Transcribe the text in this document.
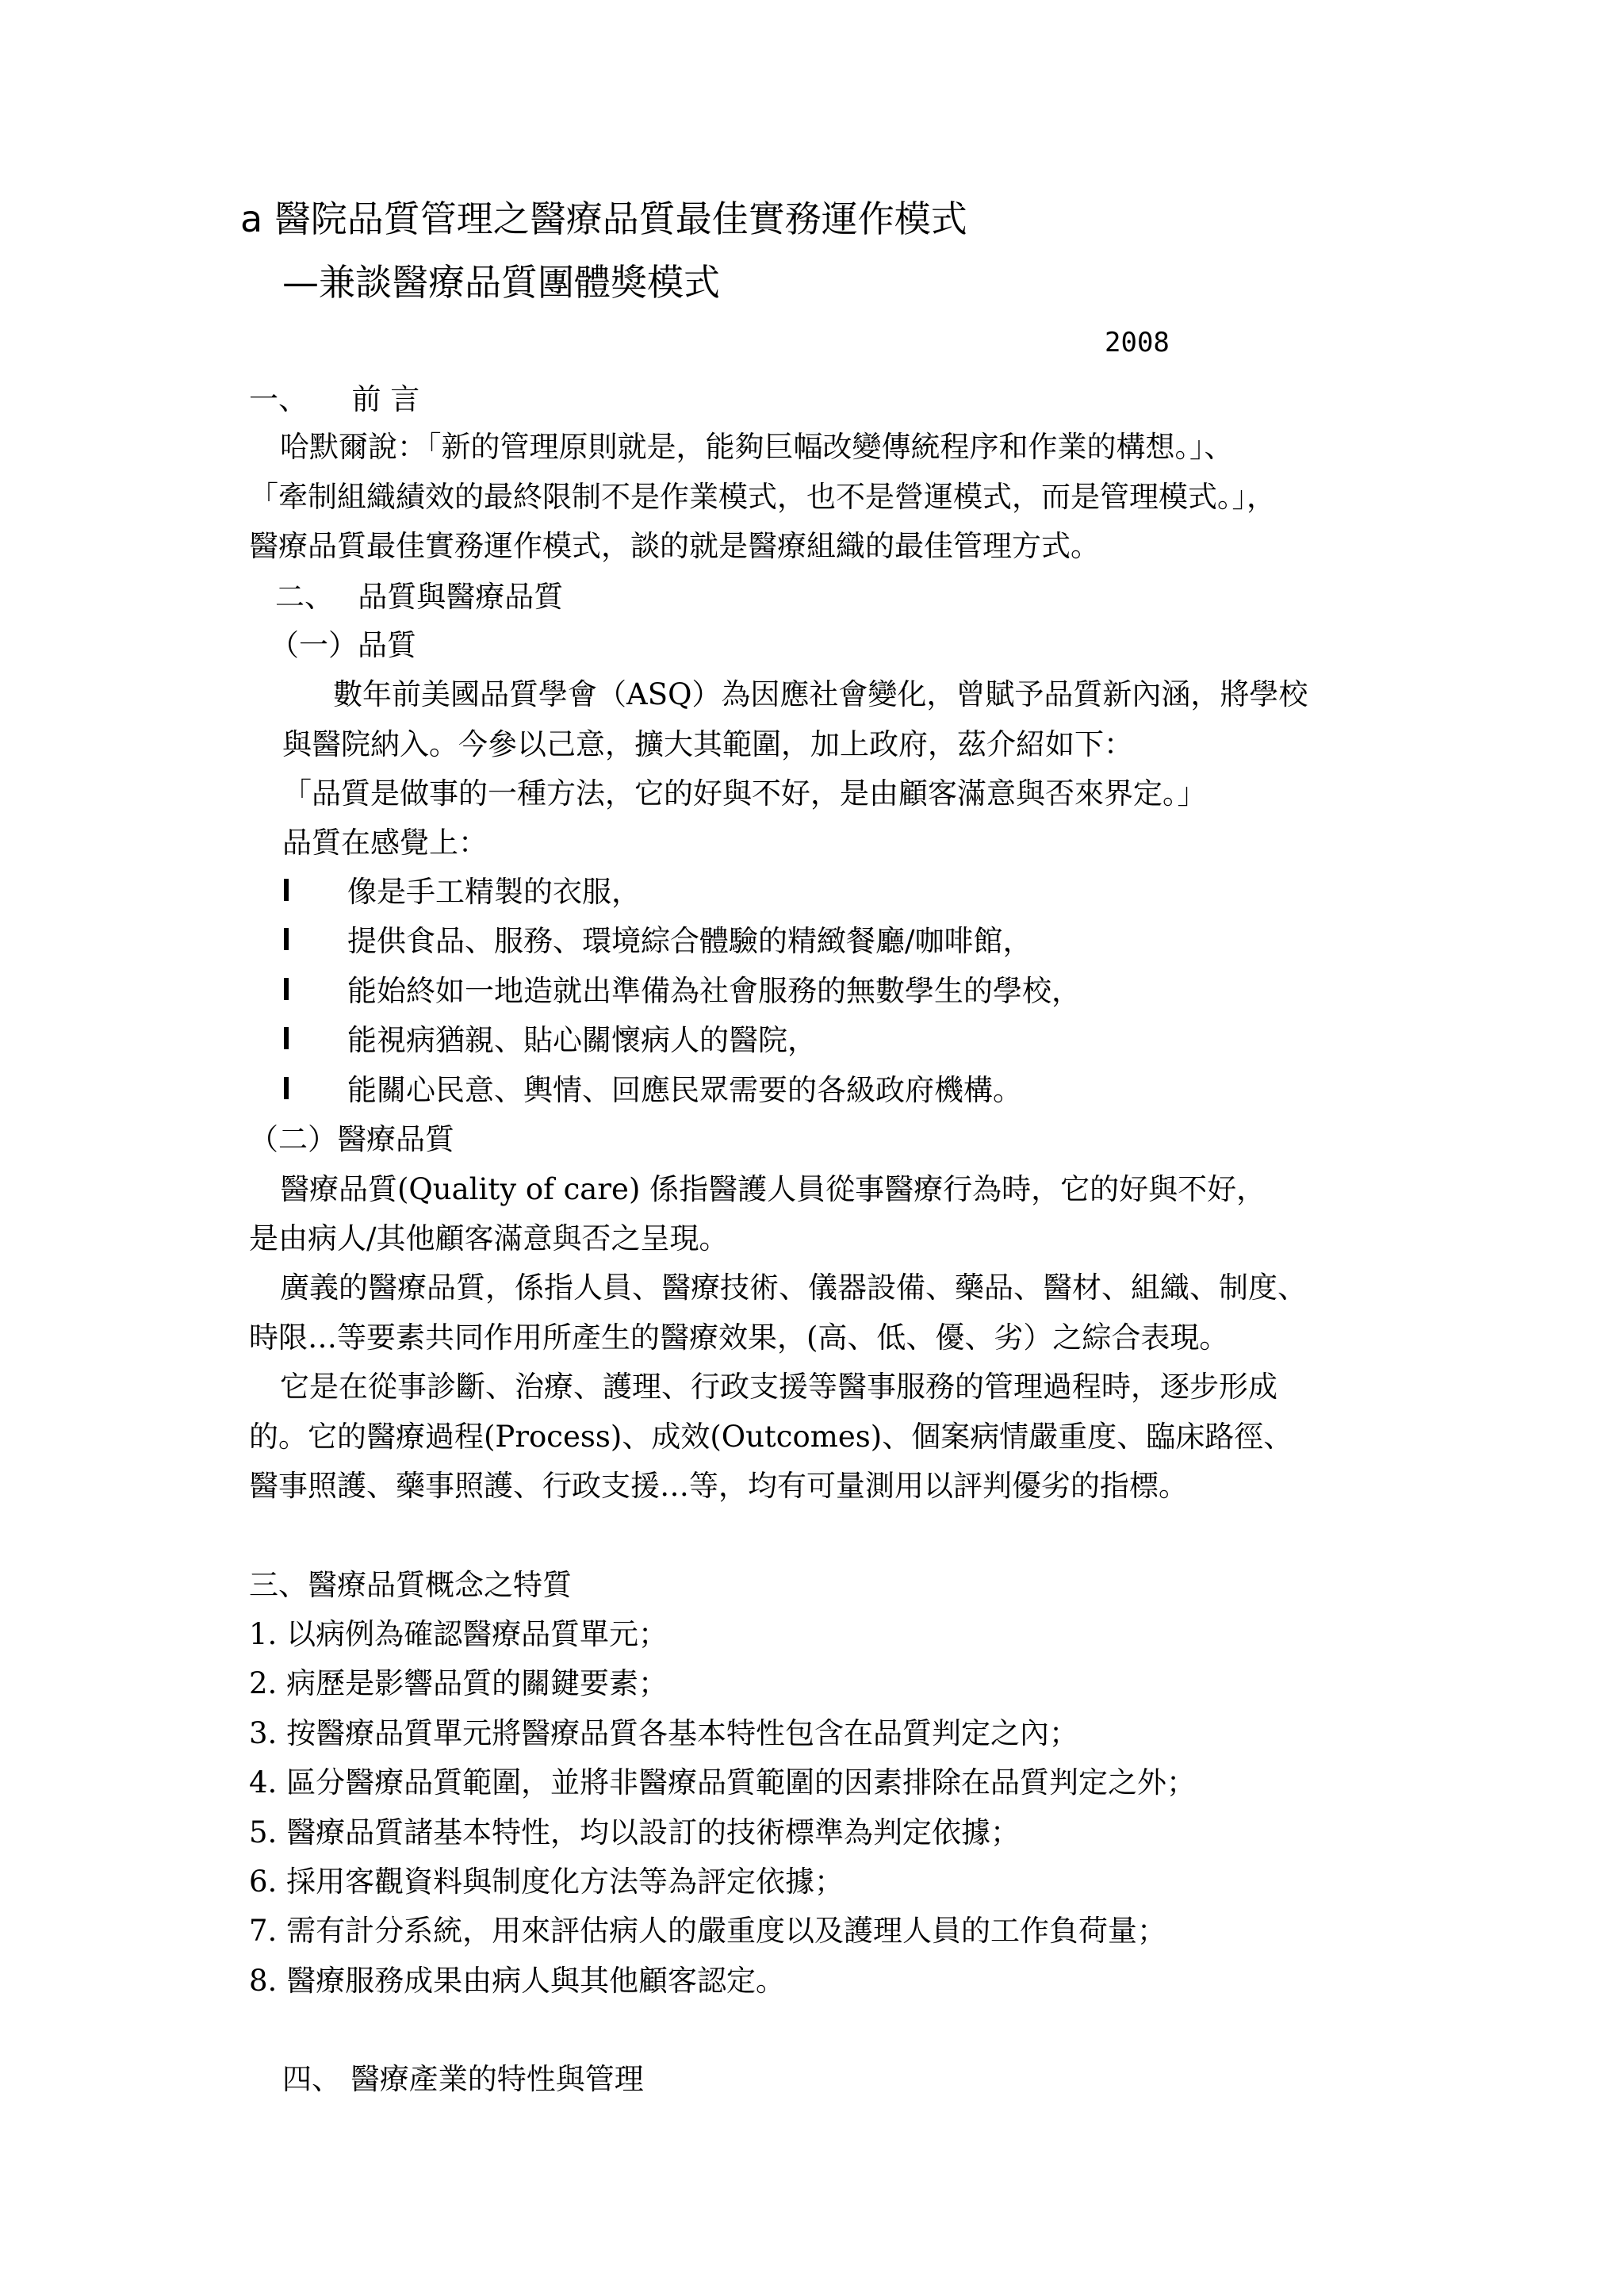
a 醫院品質管理之醫療品質最佳實務運作模式
—兼談醫療品質團體獎模式
2008
一、　　前 言
哈默爾說：「新的管理原則就是，能夠巨幅改變傳統程序和作業的構想。」、
「牽制組織績效的最終限制不是作業模式，也不是營運模式，而是管理模式。」，
醫療品質最佳實務運作模式，談的就是醫療組織的最佳管理方式。
二、　 品質與醫療品質
（一）品質
數年前美國品質學會（ASQ）為因應社會變化，曾賦予品質新內涵，將學校
與醫院納入。今參以己意，擴大其範圍，加上政府，茲介紹如下：
「品質是做事的一種方法，它的好與不好，是由顧客滿意與否來界定。」
品質在感覺上：
像是手工精製的衣服，
提供食品、服務、環境綜合體驗的精緻餐廳/咖啡館，
能始終如一地造就出準備為社會服務的無數學生的學校，
能視病猶親、貼心關懷病人的醫院，
能關心民意、輿情、回應民眾需要的各級政府機構。
（二）醫療品質
醫療品質(Quality of care) 係指醫護人員從事醫療行為時，它的好與不好，
是由病人/其他顧客滿意與否之呈現。
廣義的醫療品質，係指人員、醫療技術、儀器設備、藥品、醫材、組織、制度、
時限…等要素共同作用所產生的醫療效果，(高、低、優、劣）之綜合表現。
它是在從事診斷、治療、護理、行政支援等醫事服務的管理過程時，逐步形成
的。它的醫療過程(Process)、成效(Outcomes)、個案病情嚴重度、臨床路徑、
醫事照護、藥事照護、行政支援…等，均有可量測用以評判優劣的指標。
三、醫療品質概念之特質
1. 以病例為確認醫療品質單元；
2. 病歷是影響品質的關鍵要素；
3. 按醫療品質單元將醫療品質各基本特性包含在品質判定之內；
4. 區分醫療品質範圍，並將非醫療品質範圍的因素排除在品質判定之外；
5. 醫療品質諸基本特性，均以設訂的技術標準為判定依據；
6. 採用客觀資料與制度化方法等為評定依據；
7. 需有計分系統，用來評估病人的嚴重度以及護理人員的工作負荷量；
8. 醫療服務成果由病人與其他顧客認定。
四、 醫療產業的特性與管理
